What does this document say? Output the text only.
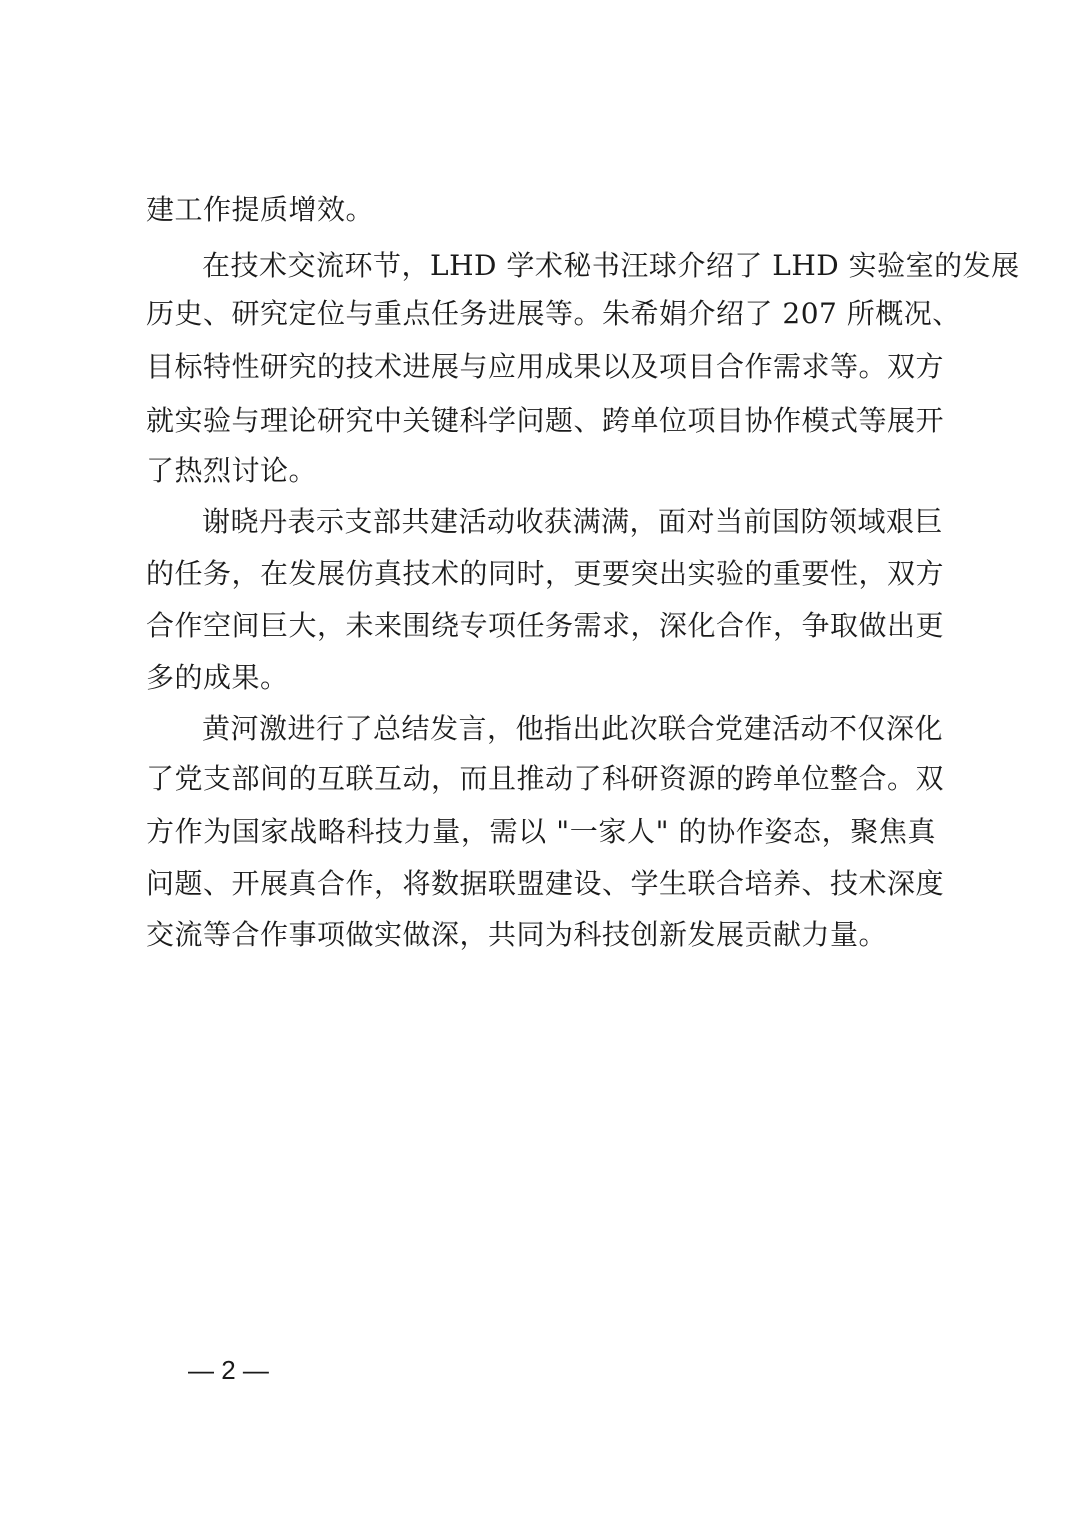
建工作提质增效。
在技术交流环节，LHD 学术秘书汪球介绍了 LHD 实验室的发展
历史、研究定位与重点任务进展等。朱希娟介绍了 207 所概况、
目标特性研究的技术进展与应用成果以及项目合作需求等。双方
就实验与理论研究中关键科学问题、跨单位项目协作模式等展开
了热烈讨论。
谢晓丹表示支部共建活动收获满满，面对当前国防领域艰巨
的任务，在发展仿真技术的同时，更要突出实验的重要性，双方
合作空间巨大，未来围绕专项任务需求，深化合作，争取做出更
多的成果。
黄河激进行了总结发言，他指出此次联合党建活动不仅深化
了党支部间的互联互动，而且推动了科研资源的跨单位整合。双
方作为国家战略科技力量，需以 "一家人" 的协作姿态，聚焦真
问题、开展真合作，将数据联盟建设、学生联合培养、技术深度
交流等合作事项做实做深，共同为科技创新发展贡献力量。
— 2 —
